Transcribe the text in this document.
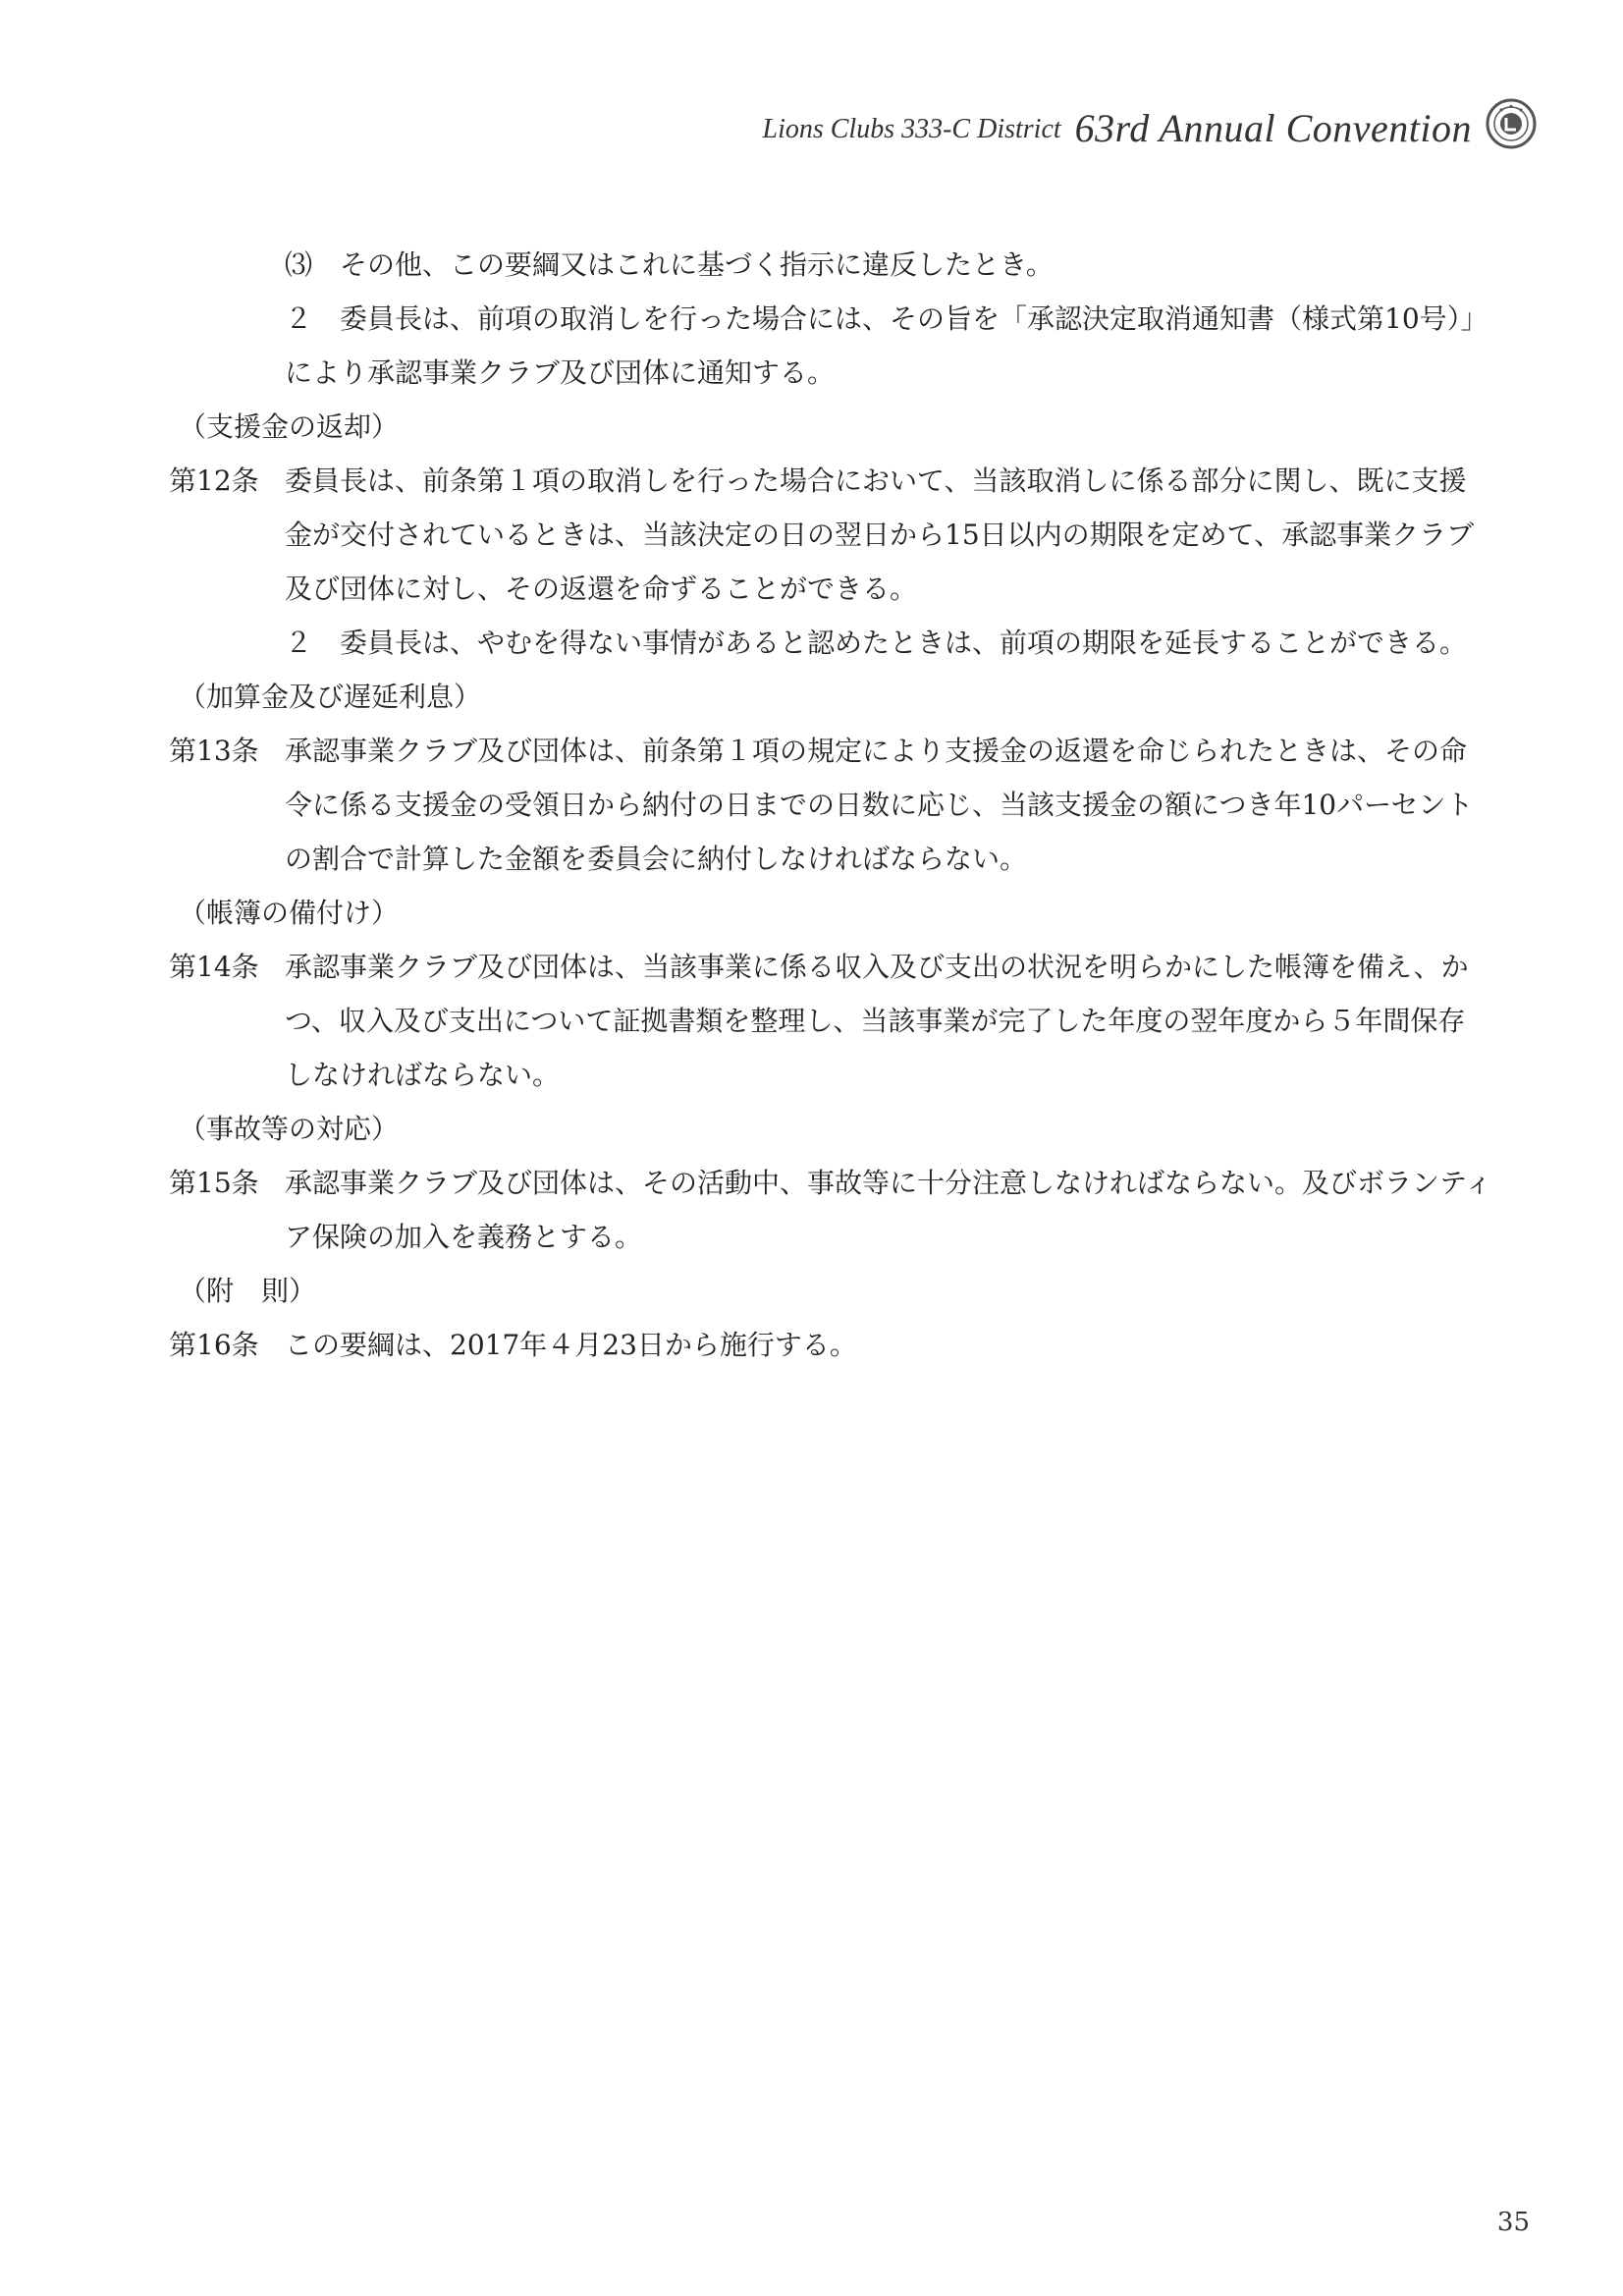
Lions Clubs 333-C District 63rd Annual Convention
⑶　その他、この要綱又はこれに基づく指示に違反したとき。
２　委員長は、前項の取消しを行った場合には、その旨を「承認決定取消通知書（様式第10号）」
により承認事業クラブ及び団体に通知する。
（支援金の返却）
第12条 委員長は、前条第１項の取消しを行った場合において、当該取消しに係る部分に関し、既に支援
金が交付されているときは、当該決定の日の翌日から15日以内の期限を定めて、承認事業クラブ
及び団体に対し、その返還を命ずることができる。
２　委員長は、やむを得ない事情があると認めたときは、前項の期限を延長することができる。
（加算金及び遅延利息）
第13条 承認事業クラブ及び団体は、前条第１項の規定により支援金の返還を命じられたときは、その命
令に係る支援金の受領日から納付の日までの日数に応じ、当該支援金の額につき年10パーセント
の割合で計算した金額を委員会に納付しなければならない。
（帳簿の備付け）
第14条 承認事業クラブ及び団体は、当該事業に係る収入及び支出の状況を明らかにした帳簿を備え、か
つ、収入及び支出について証拠書類を整理し、当該事業が完了した年度の翌年度から５年間保存
しなければならない。
（事故等の対応）
第15条 承認事業クラブ及び団体は、その活動中、事故等に十分注意しなければならない。及びボランティ
ア保険の加入を義務とする。
（附　則）
第16条 この要綱は、2017年４月23日から施行する。
35
